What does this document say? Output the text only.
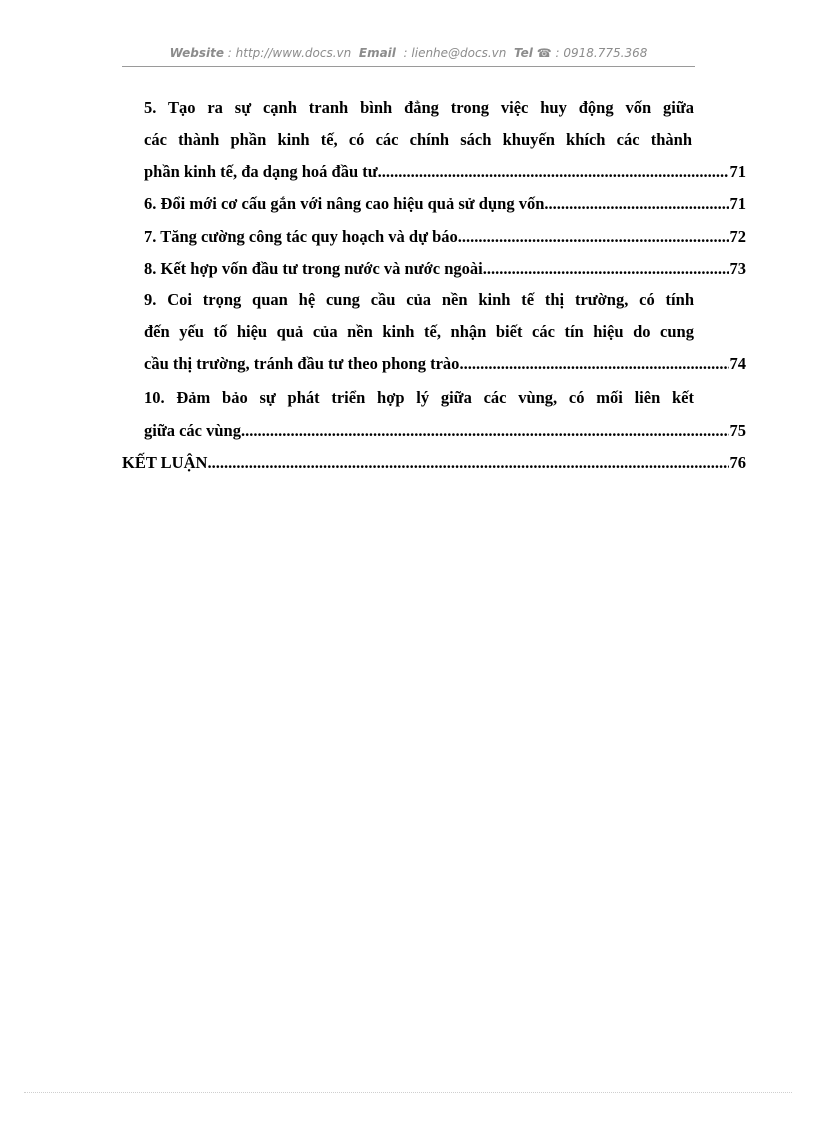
Website : http://www.docs.vn Email : lienhe@docs.vn Tel ☎ : 0918.775.368
5. Tạo ra sự cạnh tranh bình đẳng trong việc huy động vốn giữa
các thành phần kinh tế, có các chính sách khuyến khích các thành
phần kinh tế, đa dạng hoá đầu tư. .....	71
6. Đổi mới cơ cấu gắn với nâng cao hiệu quả sử dụng vốn. .....	71
7. Tăng cường công tác quy hoạch và dự báo. .....	72
8. Kết hợp vốn đầu tư trong nước và nước ngoài. .....	73
9. Coi trọng quan hệ cung cầu của nền kinh tế thị trường, có tính
đến yếu tố hiệu quả của nền kinh tế, nhận biết các tín hiệu do cung
cầu thị trường, tránh đầu tư theo phong trào .....	74
10. Đảm bảo sự phát triển hợp lý giữa các vùng, có mối liên kết
giữa các vùng .....	75
KẾT LUẬN .....	76
